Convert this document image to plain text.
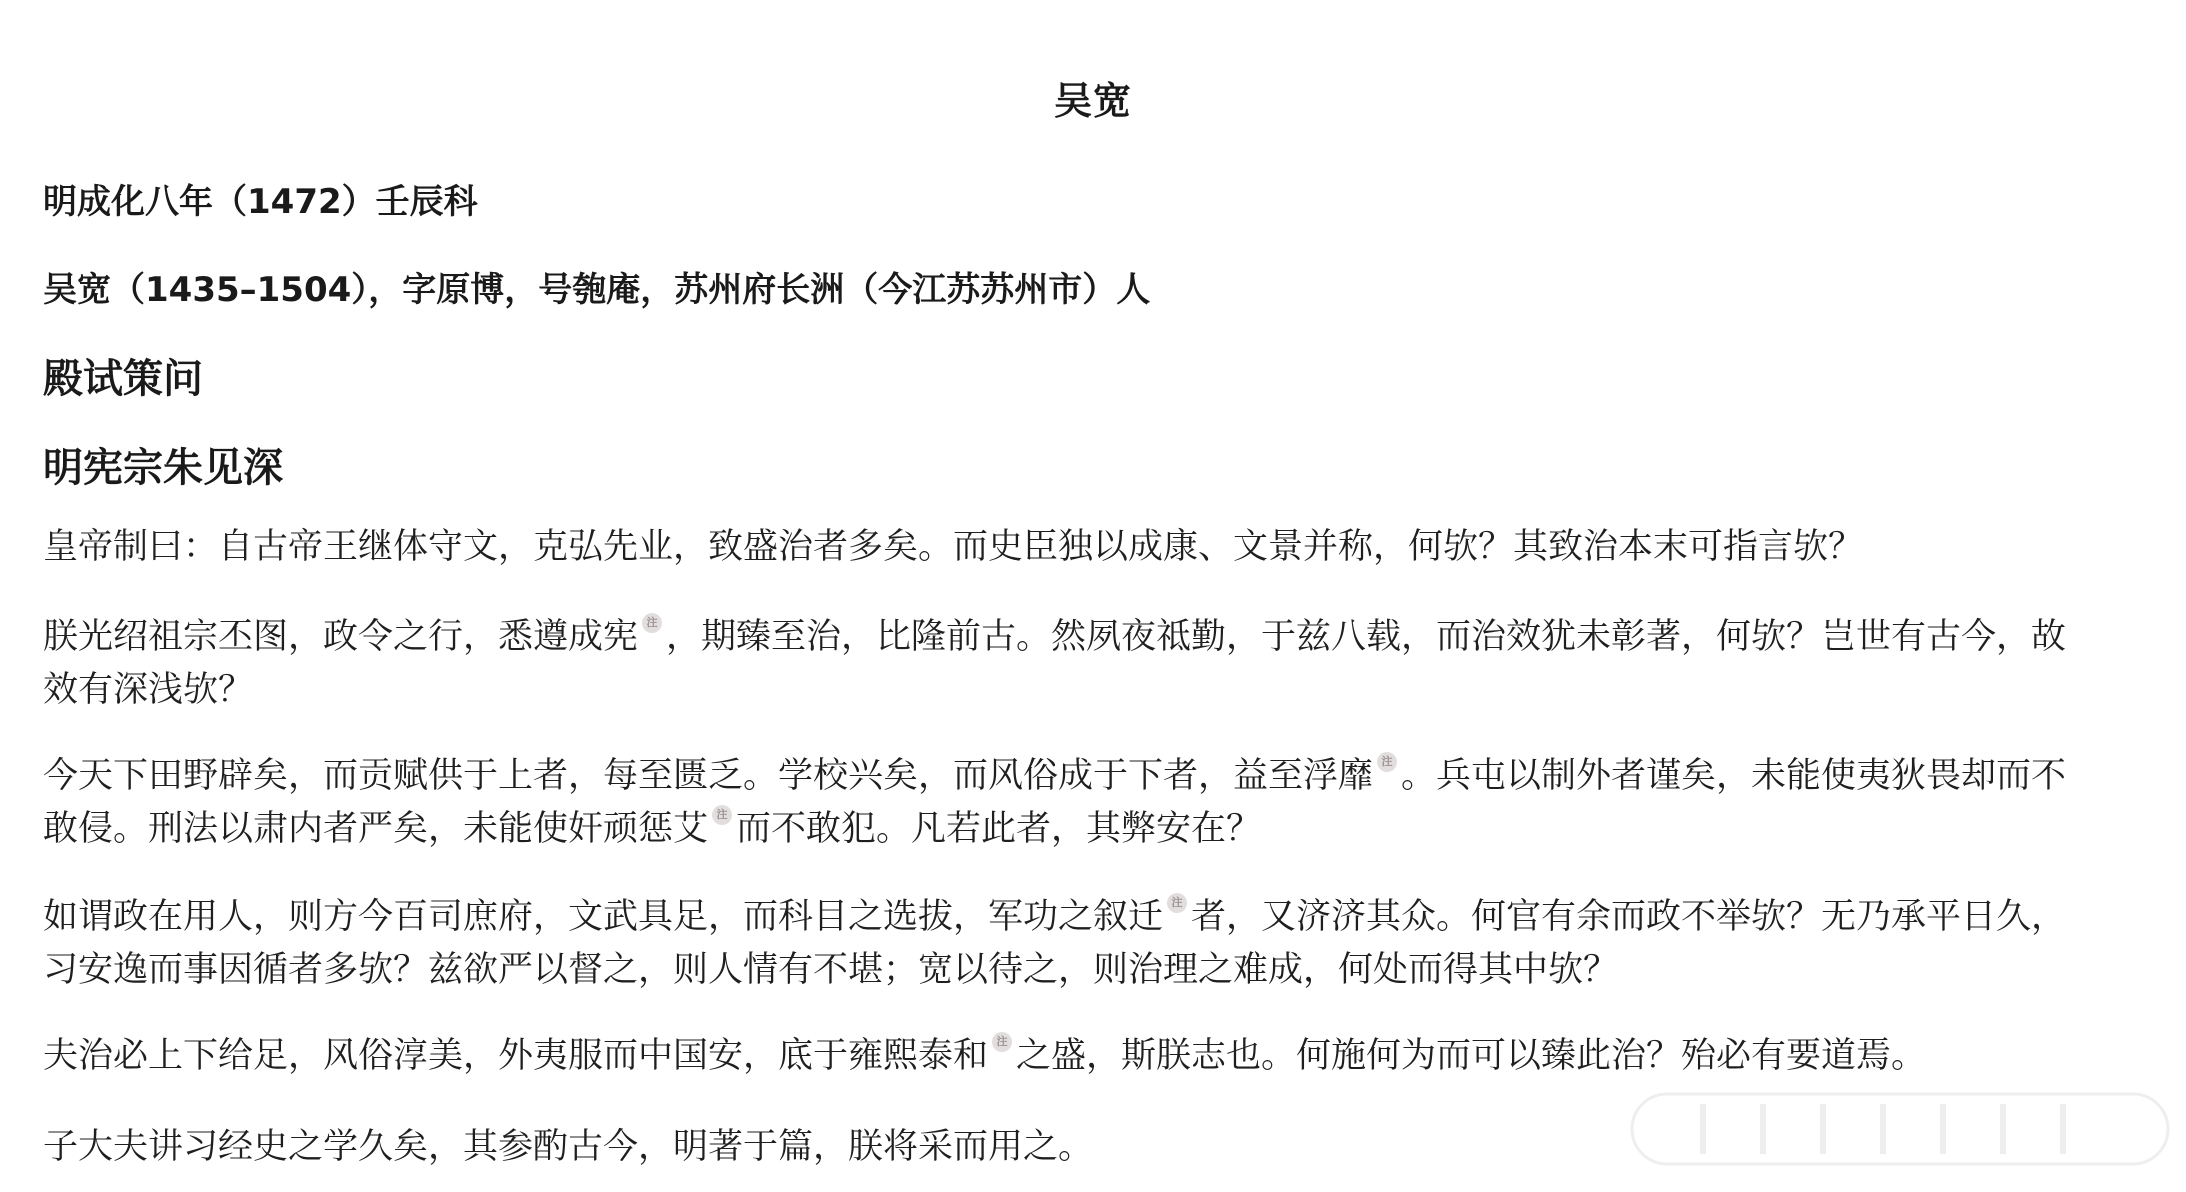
吴宽
明成化八年（1472）壬辰科
吴宽（1435–1504），字原博，号匏庵，苏州府长洲（今江苏苏州市）人
殿试策问
明宪宗朱见深
皇帝制曰：自古帝王继体守文，克弘先业，致盛治者多矣。而史臣独以成康、文景并称，何欤？其致治本末可指言欤？
朕光绍祖宗丕图，政令之行，悉遵成宪 注 ，期臻至治，比隆前古。然夙夜祗勤，于兹八载，而治效犹未彰著，何欤？岂世有古今，故
效有深浅欤？
今天下田野辟矣，而贡赋供于上者，每至匮乏。学校兴矣，而风俗成于下者，益至浮靡 注 。兵屯以制外者谨矣，未能使夷狄畏却而不
敢侵。刑法以肃内者严矣，未能使奸顽惩艾 注 而不敢犯。凡若此者，其弊安在？
如谓政在用人，则方今百司庶府，文武具足，而科目之选拔，军功之叙迁 注 者，又济济其众。何官有余而政不举欤？无乃承平日久，
习安逸而事因循者多欤？兹欲严以督之，则人情有不堪；宽以待之，则治理之难成，何处而得其中欤？
夫治必上下给足，风俗淳美，外夷服而中国安，底于雍熙泰和 注 之盛，斯朕志也。何施何为而可以臻此治？殆必有要道焉。
子大夫讲习经史之学久矣，其参酌古今，明著于篇，朕将采而用之。
